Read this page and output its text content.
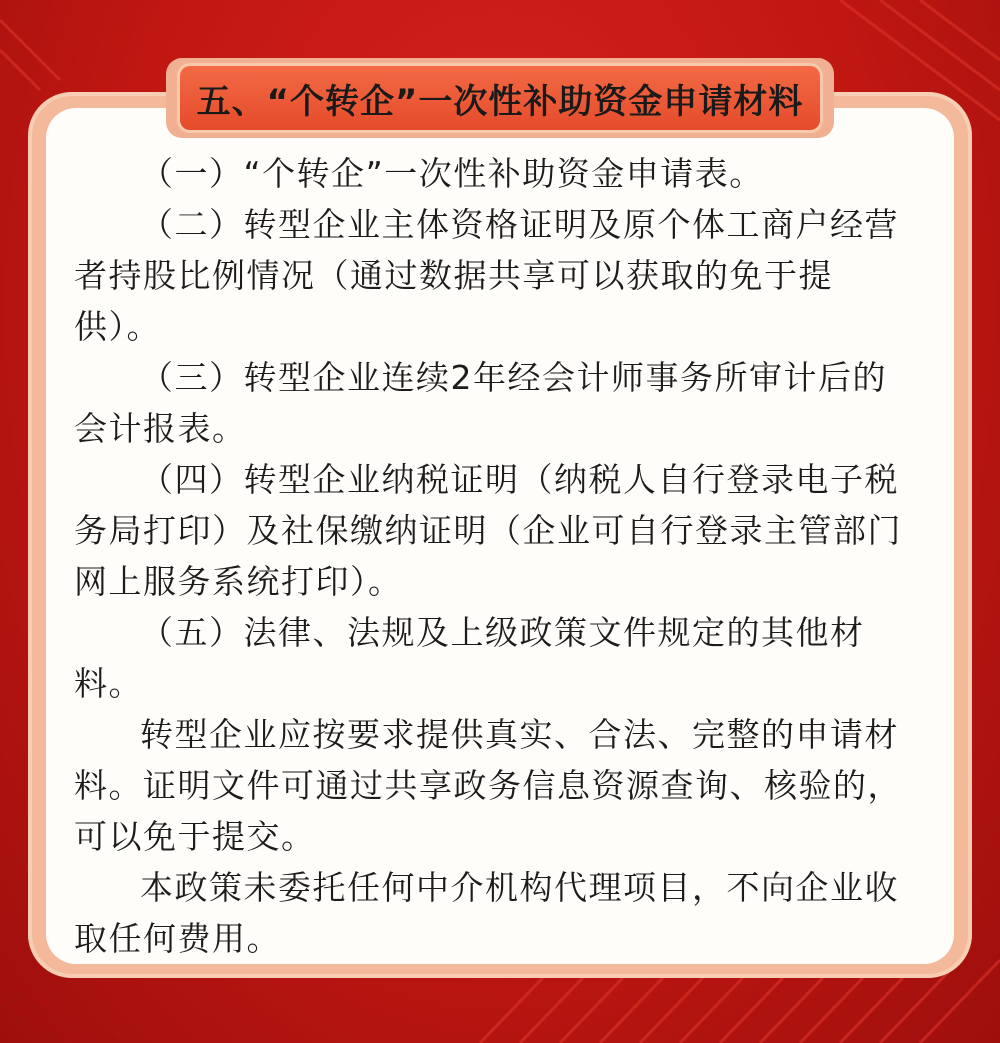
五、“个转企”一次性补助资金申请材料

（一）“个转企”一次性补助资金申请表。

（二）转型企业主体资格证明及原个体工商户经营者持股比例情况（通过数据共享可以获取的免于提供）。

（三）转型企业连续2年经会计师事务所审计后的会计报表。

（四）转型企业纳税证明（纳税人自行登录电子税务局打印）及社保缴纳证明（企业可自行登录主管部门网上服务系统打印）。

（五）法律、法规及上级政策文件规定的其他材料。

转型企业应按要求提供真实、合法、完整的申请材料。证明文件可通过共享政务信息资源查询、核验的，可以免于提交。

本政策未委托任何中介机构代理项目，不向企业收取任何费用。
